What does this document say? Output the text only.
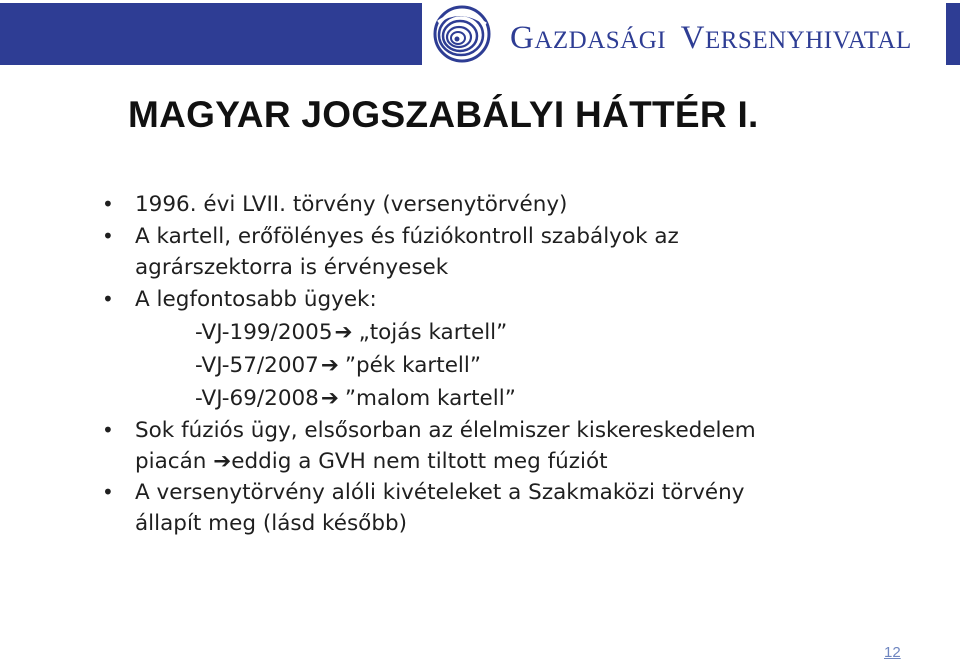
GAZDASÁGI VERSENYHIVATAL
MAGYAR JOGSZABÁLYI HÁTTÉR I.
• 1996. évi LVII. törvény (versenytörvény)
• A kartell, erőfölényes és fúziókontroll szabályok az agrárszektorra is érvényesek
• A legfontosabb ügyek:
-VJ-199/2005➔ „tojás kartell”
-VJ-57/2007➔ ”pék kartell”
-VJ-69/2008➔ ”malom kartell”
• Sok fúziós ügy, elsősorban az élelmiszer kiskereskedelem
piacán ➔eddig a GVH nem tiltott meg fúziót
• A versenytörvény alóli kivételeket a Szakmaközi törvény
állapít meg (lásd később)
12
